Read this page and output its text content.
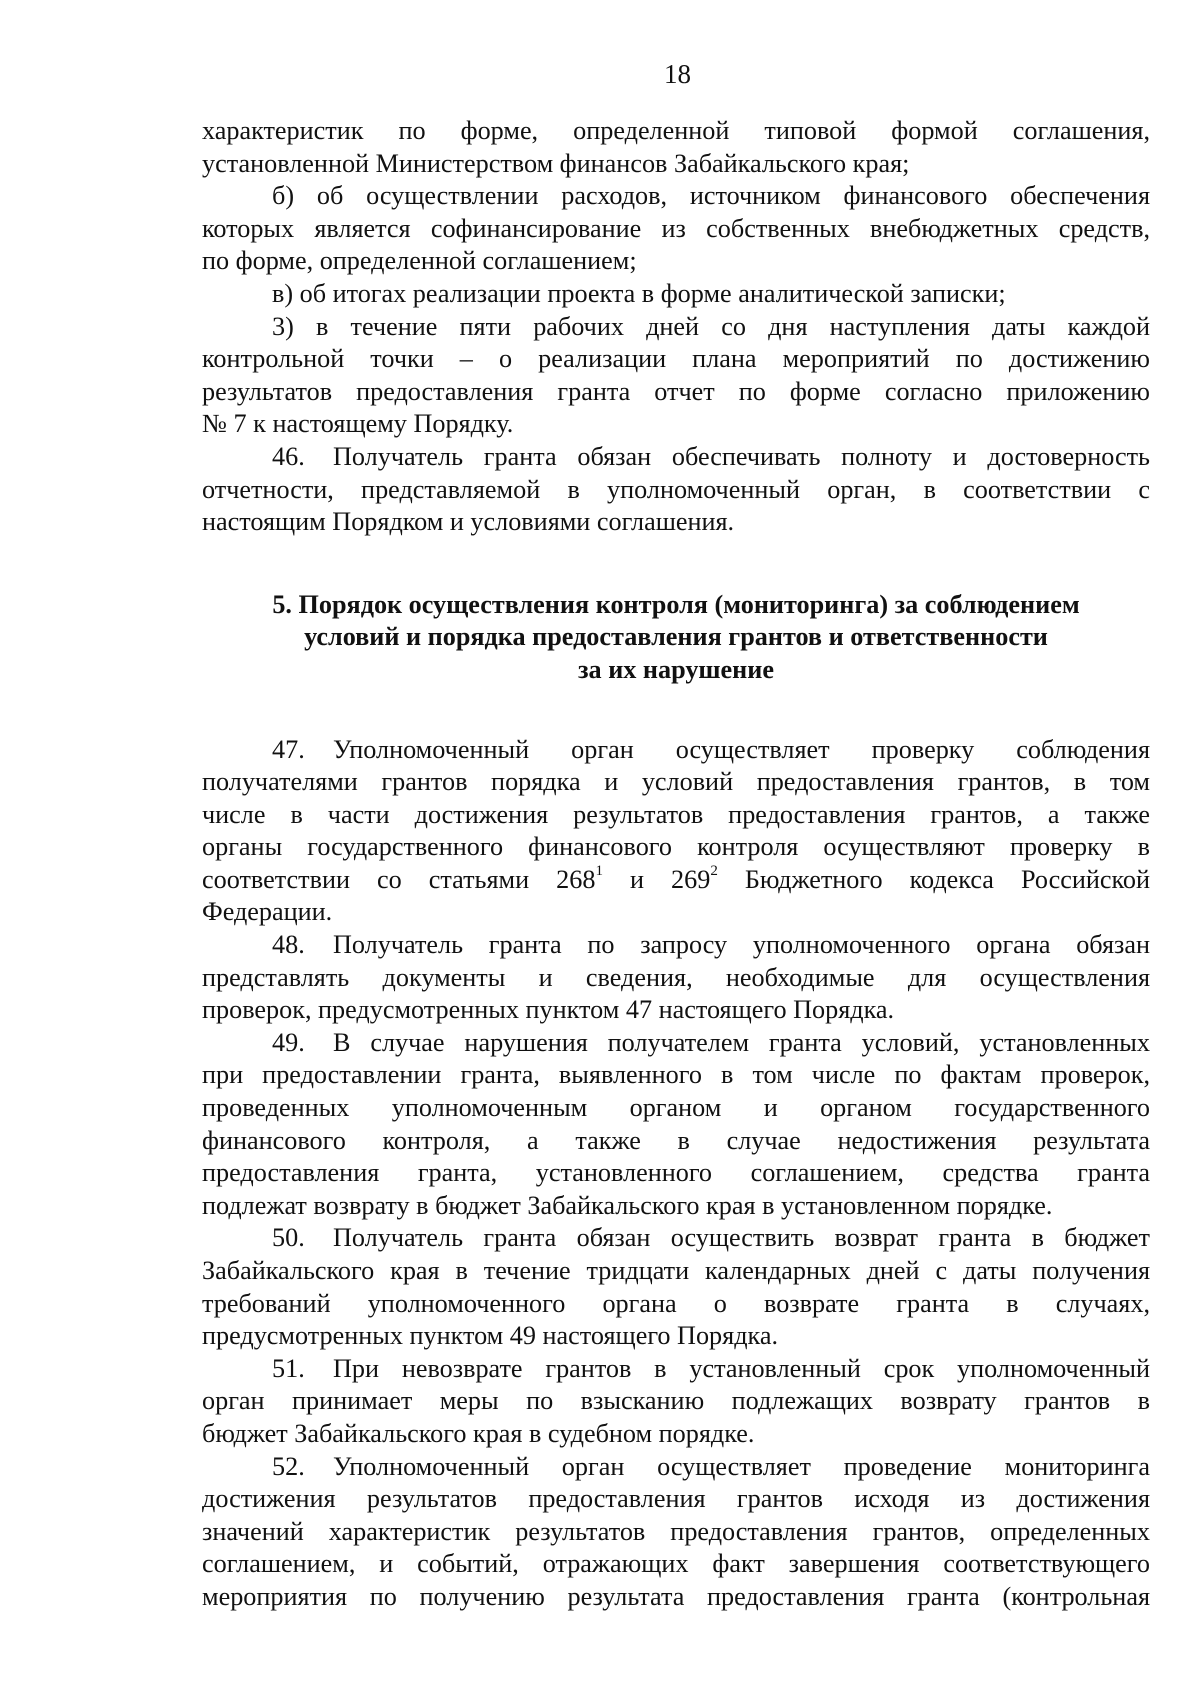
18

характеристик по форме, определенной типовой формой соглашения,
установленной Министерством финансов Забайкальского края;

б) об осуществлении расходов, источником финансового обеспечения
которых является софинансирование из собственных внебюджетных средств,
по форме, определенной соглашением;

в) об итогах реализации проекта в форме аналитической записки;

3) в течение пяти рабочих дней со дня наступления даты каждой
контрольной точки – о реализации плана мероприятий по достижению
результатов предоставления гранта отчет по форме согласно приложению
№ 7 к настоящему Порядку.

46. Получатель гранта обязан обеспечивать полноту и достоверность
отчетности, представляемой в уполномоченный орган, в соответствии с
настоящим Порядком и условиями соглашения.

5. Порядок осуществления контроля (мониторинга) за соблюдением
условий и порядка предоставления грантов и ответственности
за их нарушение

47. Уполномоченный орган осуществляет проверку соблюдения
получателями грантов порядка и условий предоставления грантов, в том
числе в части достижения результатов предоставления грантов, а также
органы государственного финансового контроля осуществляют проверку в
соответствии со статьями $268^1$ и $269^2$ Бюджетного кодекса Российской
Федерации.

48. Получатель гранта по запросу уполномоченного органа обязан
представлять документы и сведения, необходимые для осуществления
проверок, предусмотренных пунктом 47 настоящего Порядка.

49. В случае нарушения получателем гранта условий, установленных
при предоставлении гранта, выявленного в том числе по фактам проверок,
проведенных уполномоченным органом и органом государственного
финансового контроля, а также в случае недостижения результата
предоставления гранта, установленного соглашением, средства гранта
подлежат возврату в бюджет Забайкальского края в установленном порядке.

50. Получатель гранта обязан осуществить возврат гранта в бюджет
Забайкальского края в течение тридцати календарных дней с даты получения
требований уполномоченного органа о возврате гранта в случаях,
предусмотренных пунктом 49 настоящего Порядка.

51. При невозврате грантов в установленный срок уполномоченный
орган принимает меры по взысканию подлежащих возврату грантов в
бюджет Забайкальского края в судебном порядке.

52. Уполномоченный орган осуществляет проведение мониторинга
достижения результатов предоставления грантов исходя из достижения
значений характеристик результатов предоставления грантов, определенных
соглашением, и событий, отражающих факт завершения соответствующего
мероприятия по получению результата предоставления гранта (контрольная
